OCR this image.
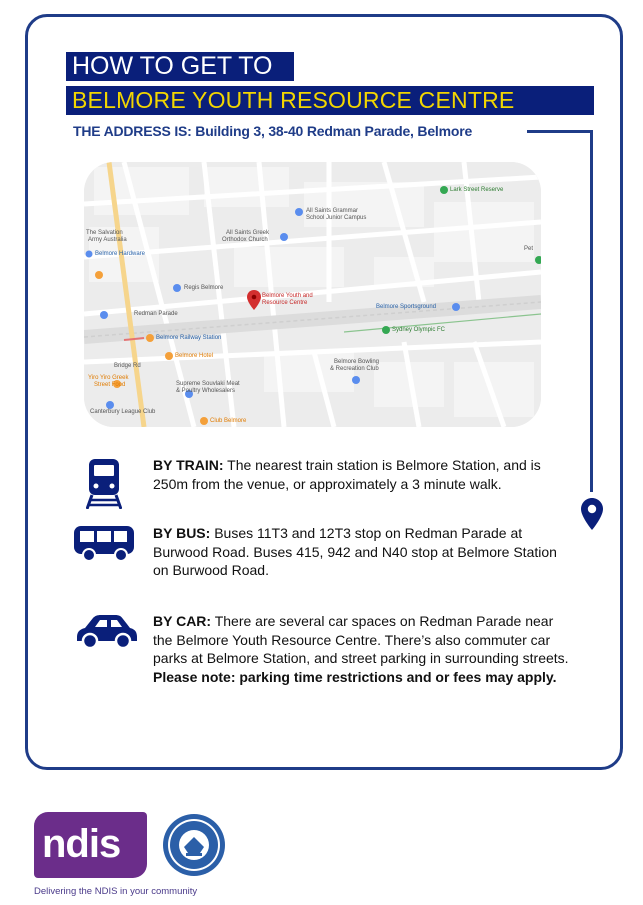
HOW TO GET TO
BELMORE YOUTH RESOURCE CENTRE
THE ADDRESS IS: Building 3, 38-40 Redman Parade, Belmore
Lark Street Reserve
All Saints Grammar
School Junior Campus
The Salvation
Army Australia
All Saints Greek
Orthodox Church
Belmore Hardware
Regis Belmore
Belmore Youth and
Resource Centre
Belmore Sportsground
Sydney Olympic FC
Belmore Railway Station
Belmore Hotel
Belmore Bowling
& Recreation Club
Yiro Yiro Greek
Street Food	Supreme Souvlaki Meat
& Poultry Wholesalers
Canterbury League Club
Club Belmore
Redman Parade
Bridge Rd
Pet
BY TRAIN: The nearest train station is Belmore Station, and is 250m from the venue, or approximately a 3 minute walk.
BY BUS: Buses 11T3 and 12T3 stop on Redman Parade at Burwood Road. Buses 415, 942 and N40 stop at Belmore Station on Burwood Road.
BY CAR: There are several car spaces on Redman Parade near the Belmore Youth Resource Centre. There’s also commuter car parks at Belmore Station, and street parking in surrounding streets. Please note: parking time restrictions and or fees may apply.
ndis
Delivering the NDIS in your community
